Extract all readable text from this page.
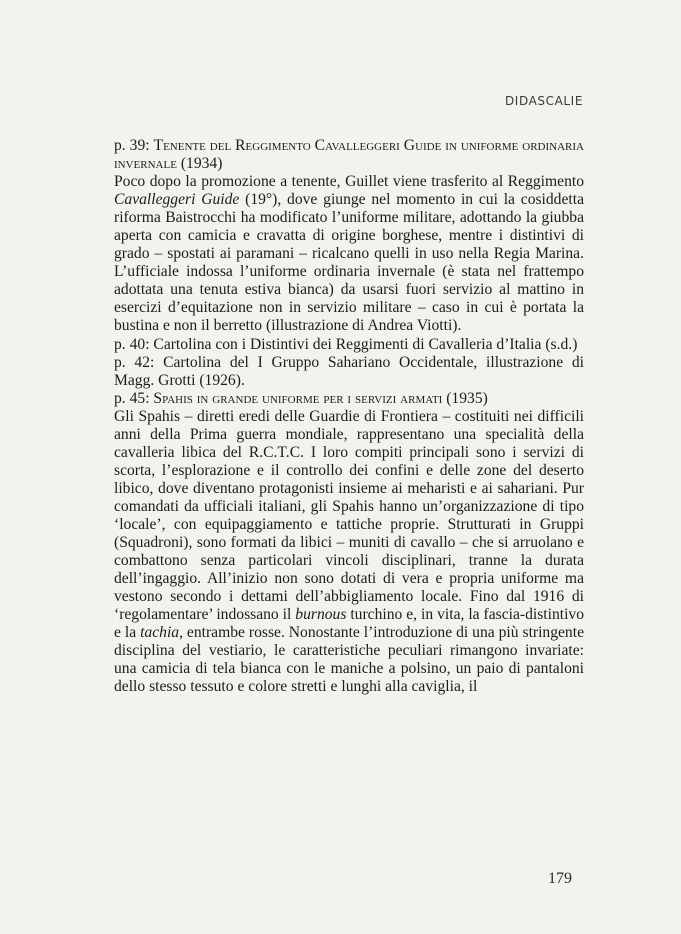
DIDASCALIE

p. 39: Tenente del Reggimento Cavalleggeri Guide in uniforme ordinaria invernale (1934)

Poco dopo la promozione a tenente, Guillet viene trasferito al Reggimento Cavalleggeri Guide (19°), dove giunge nel momento in cui la cosiddetta riforma Baistrocchi ha modificato l’uniforme militare, adottando la giubba aperta con camicia e cravatta di origine borghese, mentre i distintivi di grado – spostati ai paramani – ricalcano quelli in uso nella Regia Marina. L’ufficiale indossa l’uniforme ordinaria invernale (è stata nel frattempo adottata una tenuta estiva bianca) da usarsi fuori servizio al mattino in esercizi d’equitazione non in servizio militare – caso in cui è portata la bustina e non il berretto (illustrazione di Andrea Viotti).

p. 40: Cartolina con i Distintivi dei Reggimenti di Cavalleria d’Italia (s.d.)

p. 42: Cartolina del I Gruppo Sahariano Occidentale, illustrazione di Magg. Grotti (1926).

p. 45: Spahis in grande uniforme per i servizi armati (1935)

Gli Spahis – diretti eredi delle Guardie di Frontiera – costituiti nei difficili anni della Prima guerra mondiale, rappresentano una specialità della cavalleria libica del R.C.T.C. I loro compiti principali sono i servizi di scorta, l’esplorazione e il controllo dei confini e delle zone del deserto libico, dove diventano protagonisti insieme ai meharisti e ai sahariani. Pur comandati da ufficiali italiani, gli Spahis hanno un’organizzazione di tipo ‘locale’, con equipaggiamento e tattiche proprie. Strutturati in Gruppi (Squadroni), sono formati da libici – muniti di cavallo – che si arruolano e combattono senza particolari vincoli disciplinari, tranne la durata dell’ingaggio. All’inizio non sono dotati di vera e propria uniforme ma vestono secondo i dettami dell’abbigliamento locale. Fino dal 1916 di ‘regolamentare’ indossano il burnous turchino e, in vita, la fascia-distintivo e la tachia, entrambe rosse. Nonostante l’introduzione di una più stringente disciplina del vestiario, le caratteristiche peculiari rimangono invariate: una camicia di tela bianca con le maniche a polsino, un paio di pantaloni dello stesso tessuto e colore stretti e lunghi alla caviglia, il

179
